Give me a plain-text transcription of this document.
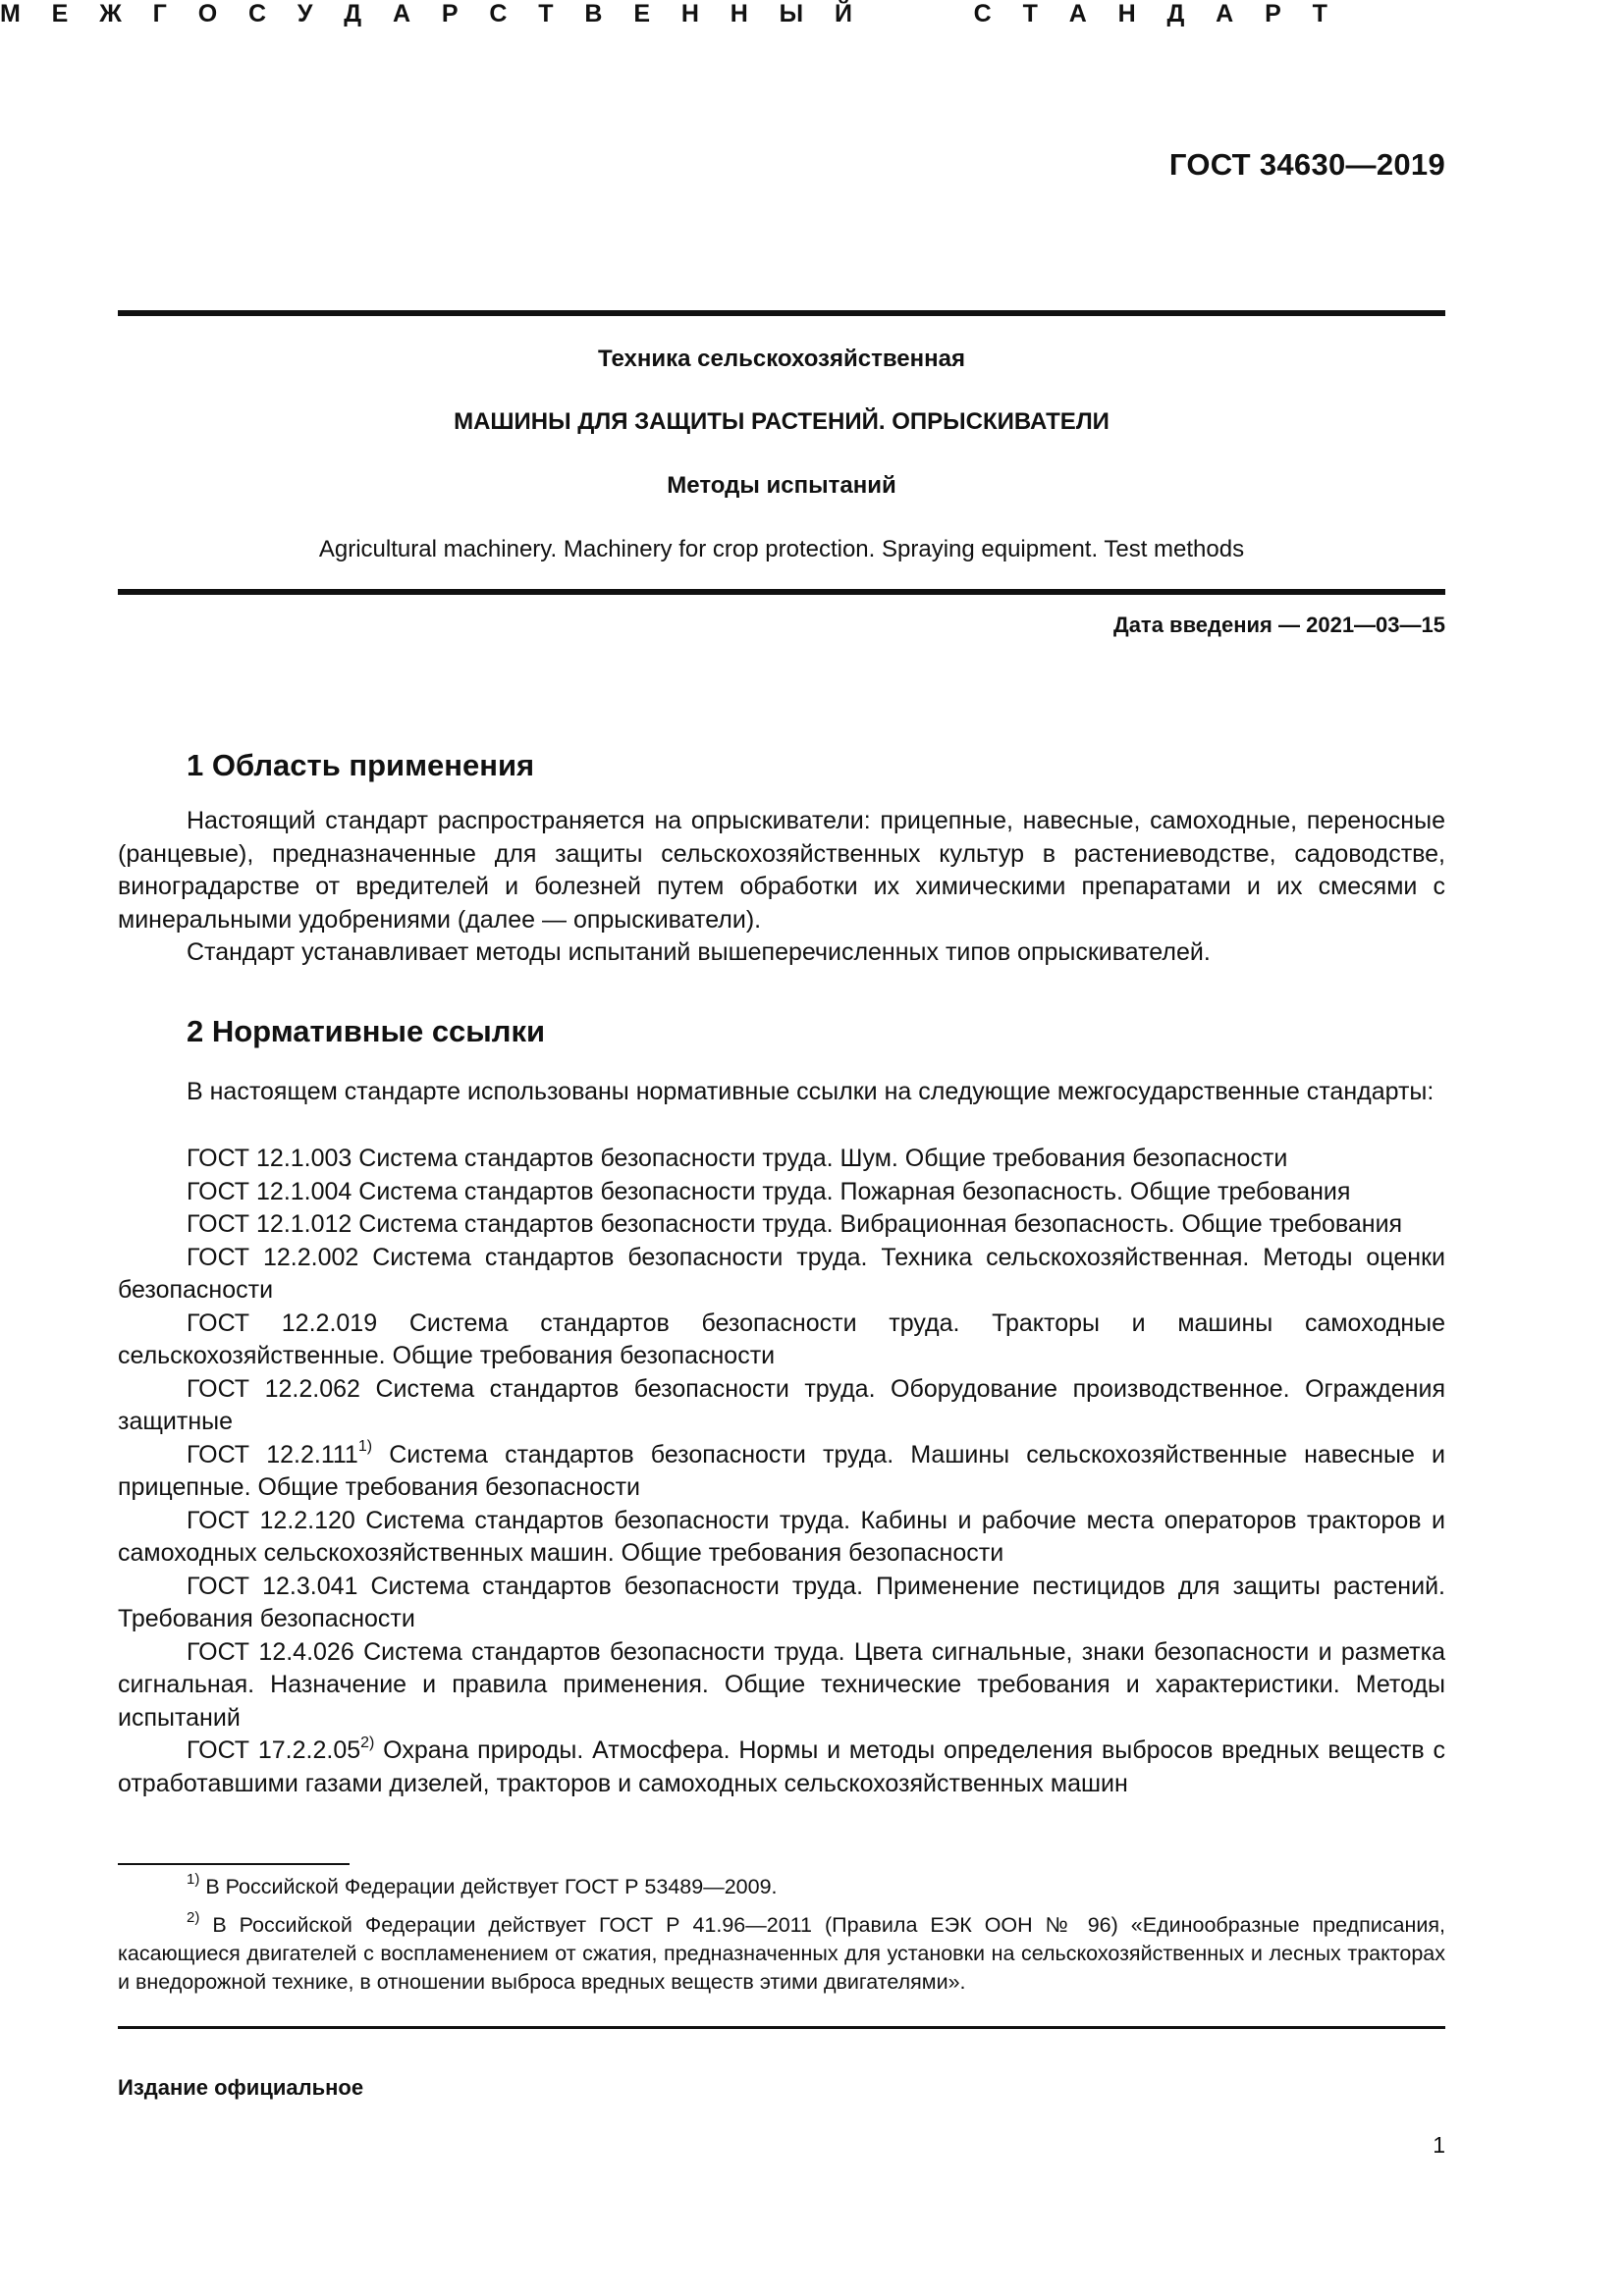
ГОСТ 34630—2019
М Е Ж Г О С У Д А Р С Т В Е Н Н Ы Й	С Т А Н Д А Р Т
Техника сельскохозяйственная
МАШИНЫ ДЛЯ ЗАЩИТЫ РАСТЕНИЙ. ОПРЫСКИВАТЕЛИ
Методы испытаний
Agricultural machinery. Machinery for crop protection. Spraying equipment. Test methods
Дата введения — 2021—03—15
1 Область применения

Настоящий стандарт распространяется на опрыскиватели: прицепные, навесные, самоходные, переносные (ранцевые), предназначенные для защиты сельскохозяйственных культур в растениеводстве, садоводстве, виноградарстве от вредителей и болезней путем обработки их химическими препаратами и их смесями с минеральными удобрениями (далее — опрыскиватели).

Стандарт устанавливает методы испытаний вышеперечисленных типов опрыскивателей.

2 Нормативные ссылки

В настоящем стандарте использованы нормативные ссылки на следующие межгосударственные стандарты:

ГОСТ 12.1.003 Система стандартов безопасности труда. Шум. Общие требования безопасности
ГОСТ 12.1.004 Система стандартов безопасности труда. Пожарная безопасность. Общие требования
ГОСТ 12.1.012 Система стандартов безопасности труда. Вибрационная безопасность. Общие требования
ГОСТ 12.2.002 Система стандартов безопасности труда. Техника сельскохозяйственная. Методы оценки безопасности
ГОСТ 12.2.019 Система стандартов безопасности труда. Тракторы и машины самоходные сельскохозяйственные. Общие требования безопасности
ГОСТ 12.2.062 Система стандартов безопасности труда. Оборудование производственное. Ограждения защитные
ГОСТ 12.2.111$^{1)}$ Система стандартов безопасности труда. Машины сельскохозяйственные навесные и прицепные. Общие требования безопасности
ГОСТ 12.2.120 Система стандартов безопасности труда. Кабины и рабочие места операторов тракторов и самоходных сельскохозяйственных машин. Общие требования безопасности
ГОСТ 12.3.041 Система стандартов безопасности труда. Применение пестицидов для защиты растений. Требования безопасности
ГОСТ 12.4.026 Система стандартов безопасности труда. Цвета сигнальные, знаки безопасности и разметка сигнальная. Назначение и правила применения. Общие технические требования и характеристики. Методы испытаний
ГОСТ 17.2.2.05$^{2)}$ Охрана природы. Атмосфера. Нормы и методы определения выбросов вредных веществ с отработавшими газами дизелей, тракторов и самоходных сельскохозяйственных машин

$^{1)}$ В Российской Федерации действует ГОСТ Р 53489—2009.

$^{2)}$ В Российской Федерации действует ГОСТ Р 41.96—2011 (Правила ЕЭК ООН № 96) «Единообразные предписания, касающиеся двигателей с воспламенением от сжатия, предназначенных для установки на сельскохозяйственных и лесных тракторах и внедорожной технике, в отношении выброса вредных веществ этими двигателями».

Издание официальное
1
